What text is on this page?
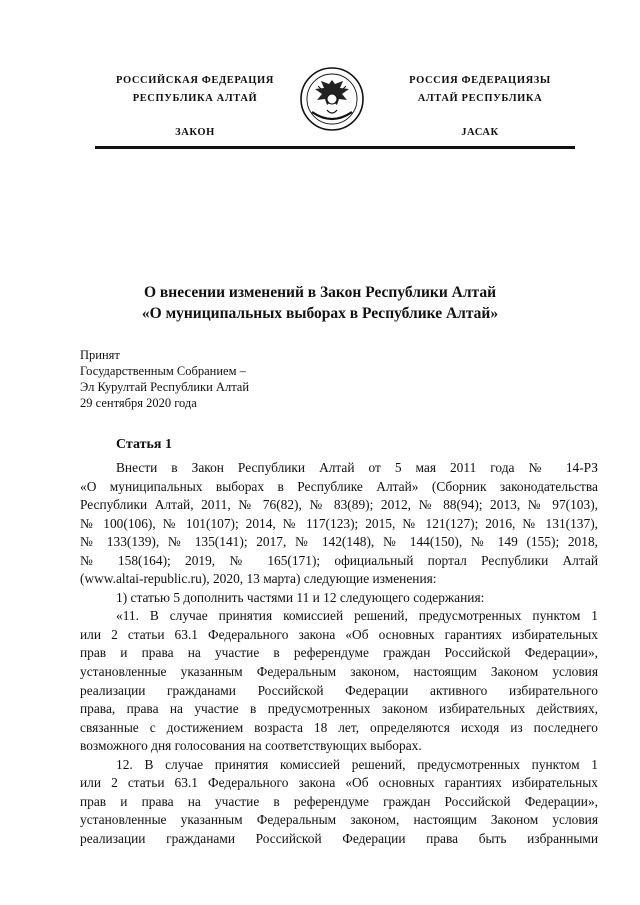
РОССИЙСКАЯ ФЕДЕРАЦИЯ
РЕСПУБЛИКА АЛТАЙ
ЗАКОН
РОССИЯ ФЕДЕРАЦИЯЗЫ
АЛТАЙ РЕСПУБЛИКА
JАСАК
О внесении изменений в Закон Республики Алтай
«О муниципальных выборах в Республике Алтай»
Принят
Государственным Собранием –
Эл Курултай Республики Алтай
29 сентября 2020 года
Статья 1

Внести в Закон Республики Алтай от 5 мая 2011 года № 14-РЗ
«О муниципальных выборах в Республике Алтай» (Сборник законодательства
Республики Алтай, 2011, № 76(82), № 83(89); 2012, № 88(94); 2013, № 97(103),
№ 100(106), № 101(107); 2014, № 117(123); 2015, № 121(127); 2016, № 131(137),
№ 133(139), № 135(141); 2017, № 142(148), № 144(150), № 149 (155); 2018,
№ 158(164); 2019, № 165(171); официальный портал Республики Алтай
(www.altai-republic.ru), 2020, 13 марта) следующие изменения:

1) статью 5 дополнить частями 11 и 12 следующего содержания:

«11. В случае принятия комиссией решений, предусмотренных пунктом 1
или 2 статьи 63.1 Федерального закона «Об основных гарантиях избирательных
прав и права на участие в референдуме граждан Российской Федерации»,
установленные указанным Федеральным законом, настоящим Законом условия
реализации гражданами Российской Федерации активного избирательного
права, права на участие в предусмотренных законом избирательных действиях,
связанные с достижением возраста 18 лет, определяются исходя из последнего
возможного дня голосования на соответствующих выборах.

12. В случае принятия комиссией решений, предусмотренных пунктом 1
или 2 статьи 63.1 Федерального закона «Об основных гарантиях избирательных
прав и права на участие в референдуме граждан Российской Федерации»,
установленные указанным Федеральным законом, настоящим Законом условия
реализации гражданами Российской Федерации права быть избранными
